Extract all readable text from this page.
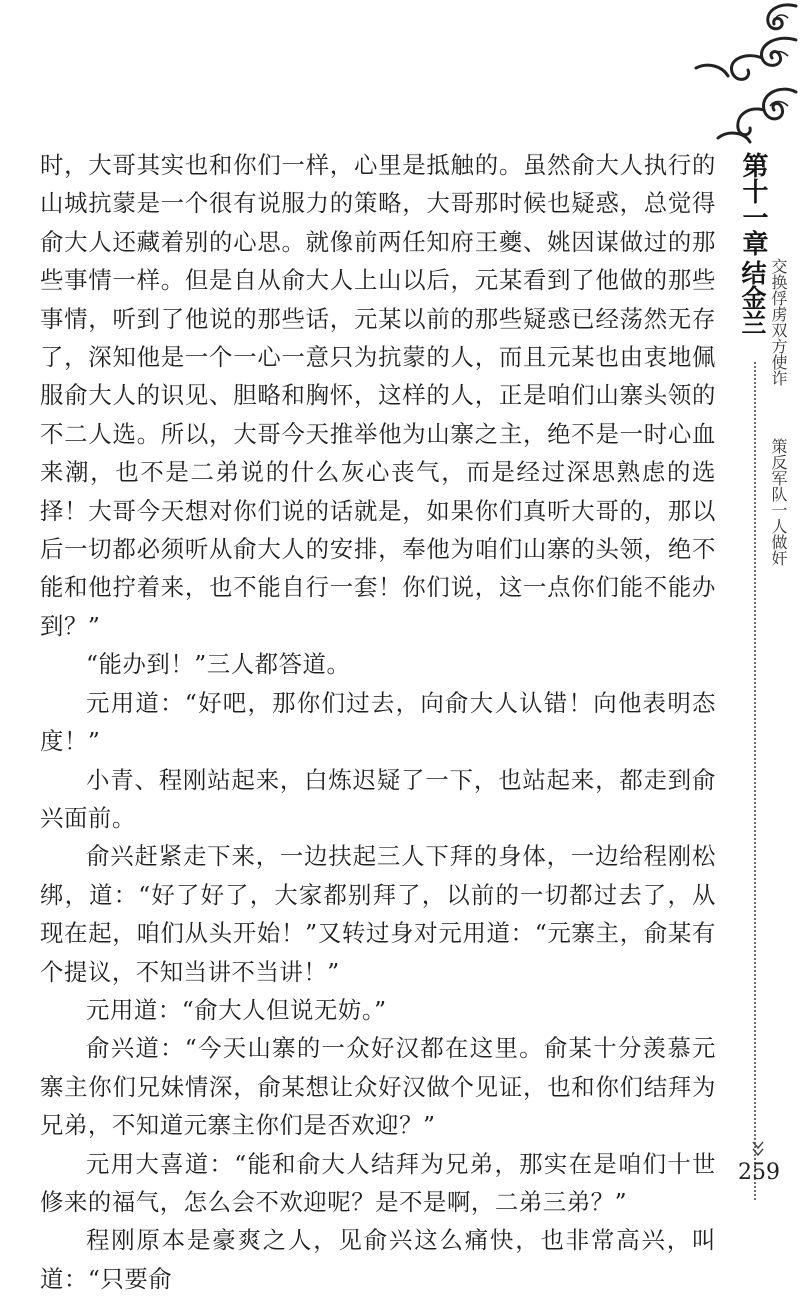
第十一章
结金兰 交换俘虏双方使诈
策反军队一人做奸
259

时，大哥其实也和你们一样，心里是抵触的。虽然俞大人执行的山城抗蒙是一个很有说服力的策略，大哥那时候也疑惑，总觉得俞大人还藏着别的心思。就像前两任知府王夔、姚因谋做过的那些事情一样。但是自从俞大人上山以后，元某看到了他做的那些事情，听到了他说的那些话，元某以前的那些疑惑已经荡然无存了，深知他是一个一心一意只为抗蒙的人，而且元某也由衷地佩服俞大人的识见、胆略和胸怀，这样的人，正是咱们山寨头领的不二人选。所以，大哥今天推举他为山寨之主，绝不是一时心血来潮，也不是二弟说的什么灰心丧气，而是经过深思熟虑的选择！大哥今天想对你们说的话就是，如果你们真听大哥的，那以后一切都必须听从俞大人的安排，奉他为咱们山寨的头领，绝不能和他拧着来，也不能自行一套！你们说，这一点你们能不能办到？”

“能办到！”三人都答道。

元用道：“好吧，那你们过去，向俞大人认错！向他表明态度！”

小青、程刚站起来，白炼迟疑了一下，也站起来，都走到俞兴面前。

俞兴赶紧走下来，一边扶起三人下拜的身体，一边给程刚松绑，道：“好了好了，大家都别拜了，以前的一切都过去了，从现在起，咱们从头开始！”又转过身对元用道：“元寨主，俞某有个提议，不知当讲不当讲！”

元用道：“俞大人但说无妨。”

俞兴道：“今天山寨的一众好汉都在这里。俞某十分羡慕元寨主你们兄妹情深，俞某想让众好汉做个见证，也和你们结拜为兄弟，不知道元寨主你们是否欢迎？”

元用大喜道：“能和俞大人结拜为兄弟，那实在是咱们十世修来的福气，怎么会不欢迎呢？是不是啊，二弟三弟？”

程刚原本是豪爽之人，见俞兴这么痛快，也非常高兴，叫道：“只要俞
